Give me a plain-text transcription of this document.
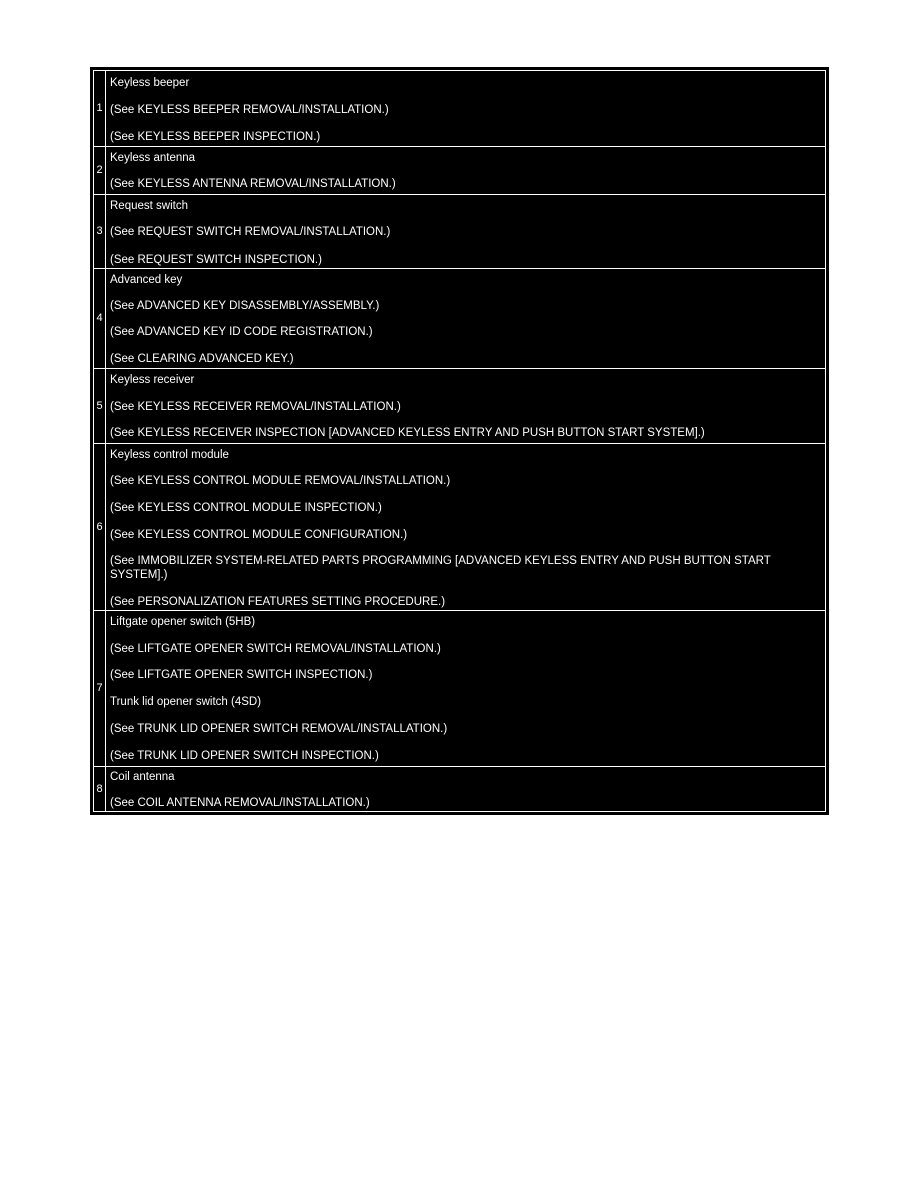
1
Keyless beeper
(See KEYLESS BEEPER REMOVAL/INSTALLATION.)
(See KEYLESS BEEPER INSPECTION.)
2
Keyless antenna
(See KEYLESS ANTENNA REMOVAL/INSTALLATION.)
3
Request switch
(See REQUEST SWITCH REMOVAL/INSTALLATION.)
(See REQUEST SWITCH INSPECTION.)
4
Advanced key
(See ADVANCED KEY DISASSEMBLY/ASSEMBLY.)
(See ADVANCED KEY ID CODE REGISTRATION.)
(See CLEARING ADVANCED KEY.)
5
Keyless receiver
(See KEYLESS RECEIVER REMOVAL/INSTALLATION.)
(See KEYLESS RECEIVER INSPECTION [ADVANCED KEYLESS ENTRY AND PUSH BUTTON START SYSTEM].)
6
Keyless control module
(See KEYLESS CONTROL MODULE REMOVAL/INSTALLATION.)
(See KEYLESS CONTROL MODULE INSPECTION.)
(See KEYLESS CONTROL MODULE CONFIGURATION.)
(See IMMOBILIZER SYSTEM-RELATED PARTS PROGRAMMING [ADVANCED KEYLESS ENTRY AND PUSH BUTTON START SYSTEM].)
(See PERSONALIZATION FEATURES SETTING PROCEDURE.)
7
Liftgate opener switch (5HB)
(See LIFTGATE OPENER SWITCH REMOVAL/INSTALLATION.)
(See LIFTGATE OPENER SWITCH INSPECTION.)
Trunk lid opener switch (4SD)
(See TRUNK LID OPENER SWITCH REMOVAL/INSTALLATION.)
(See TRUNK LID OPENER SWITCH INSPECTION.)
8
Coil antenna
(See COIL ANTENNA REMOVAL/INSTALLATION.)
